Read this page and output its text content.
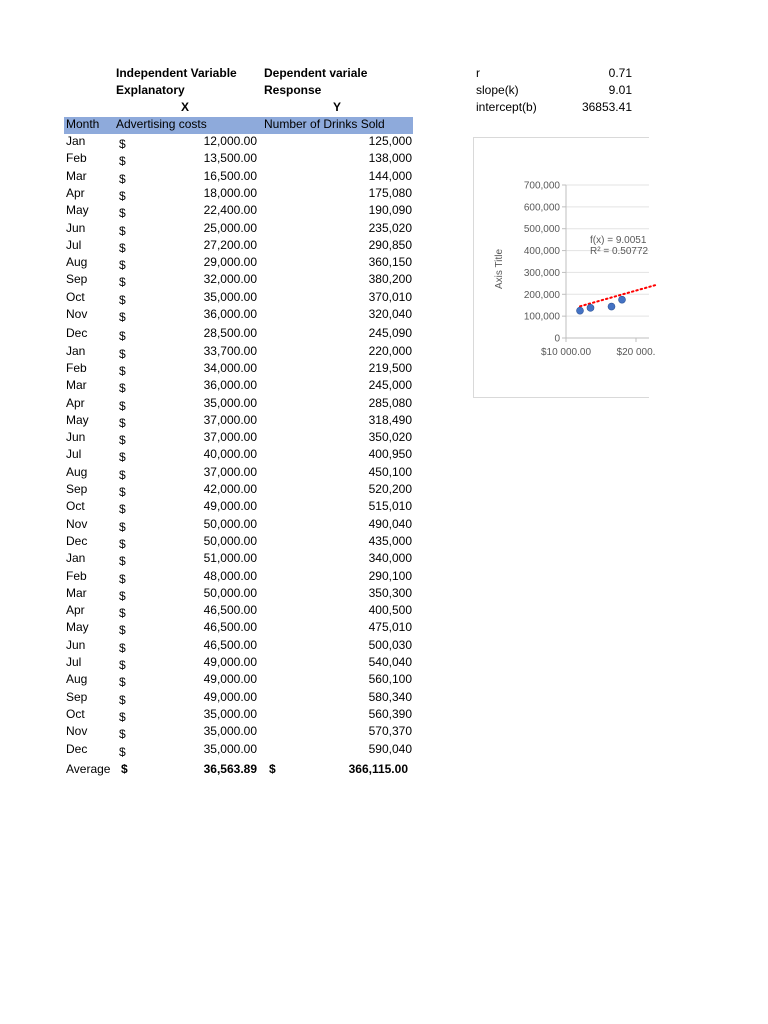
Independent Variable
Explanatory
X
Dependent variale
Response
Y
Month Advertising costs	Number of Drinks Sold
Jan	$	12,000.00	125,000
Feb	$	13,500.00	138,000
Mar	$	16,500.00	144,000
Apr	$	18,000.00	175,080
May	$	22,400.00	190,090
Jun	$	25,000.00	235,020
Jul	$	27,200.00	290,850
Aug	$	29,000.00	360,150
Sep	$	32,000.00	380,200
Oct	$	35,000.00	370,010
Nov	$	36,000.00	320,040
Dec	$	28,500.00	245,090
Jan	$	33,700.00	220,000
Feb	$	34,000.00	219,500
Mar	$	36,000.00	245,000
Apr	$	35,000.00	285,080
May	$	37,000.00	318,490
Jun	$	37,000.00	350,020
Jul	$	40,000.00	400,950
Aug	$	37,000.00	450,100
Sep	$	42,000.00	520,200
Oct	$	49,000.00	515,010
Nov	$	50,000.00	490,040
Dec	$	50,000.00	435,000
Jan	$	51,000.00	340,000
Feb	$	48,000.00	290,100
Mar	$	50,000.00	350,300
Apr	$	46,500.00	400,500
May	$	46,500.00	475,010
Jun	$	46,500.00	500,030
Jul	$	49,000.00	540,040
Aug	$	49,000.00	560,100
Sep	$	49,000.00	580,340
Oct	$	35,000.00	560,390
Nov	$	35,000.00	570,370
Dec	$	35,000.00	590,040
Average $	36,563.89 $	366,115.00
r	0.71
slope(k)	9.01
intercept(b)	36853.41
0
100,000
200,000
300,000
400,000
500,000
600,000
700,000
$10 000.00	$20 000.
Axis Title
f(x) = 9.0051
R² = 0.50772
